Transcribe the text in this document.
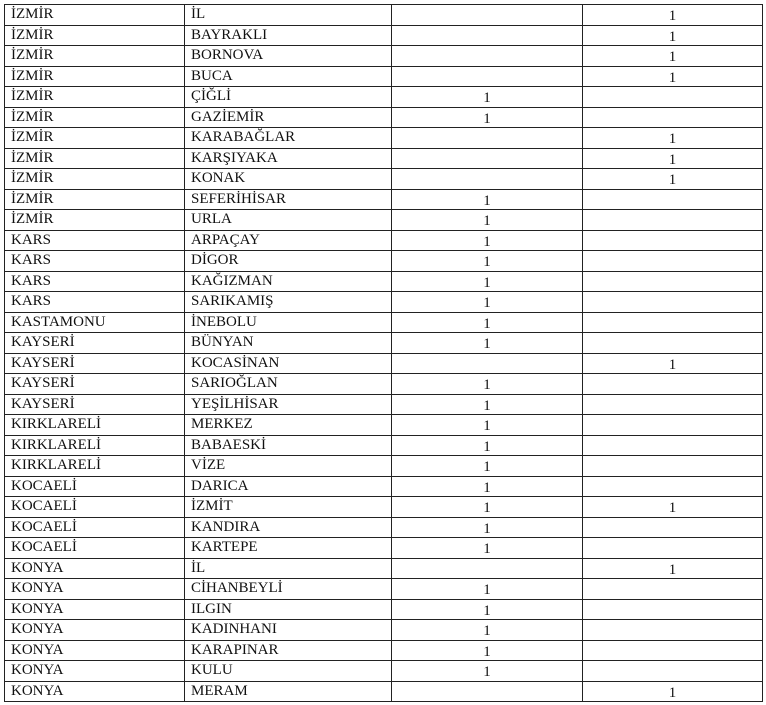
İZMİR	İL		1
İZMİR	BAYRAKLI		1
İZMİR	BORNOVA		1
İZMİR	BUCA		1
İZMİR	ÇİĞLİ	1	
İZMİR	GAZİEMİR	1	
İZMİR	KARABAĞLAR		1
İZMİR	KARŞIYAKA		1
İZMİR	KONAK		1
İZMİR	SEFERİHİSAR	1	
İZMİR	URLA	1	
KARS	ARPAÇAY	1	
KARS	DİGOR	1	
KARS	KAĞIZMAN	1	
KARS	SARIKAMIŞ	1	
KASTAMONU	İNEBOLU	1	
KAYSERİ	BÜNYAN	1	
KAYSERİ	KOCASİNAN		1
KAYSERİ	SARIOĞLAN	1	
KAYSERİ	YEŞİLHİSAR	1	
KIRKLARELİ	MERKEZ	1	
KIRKLARELİ	BABAESKİ	1	
KIRKLARELİ	VİZE	1	
KOCAELİ	DARICA	1	
KOCAELİ	İZMİT	1	1
KOCAELİ	KANDIRA	1	
KOCAELİ	KARTEPE	1	
KONYA	İL		1
KONYA	CİHANBEYLİ	1	
KONYA	ILGIN	1	
KONYA	KADINHANI	1	
KONYA	KARAPINAR	1	
KONYA	KULU	1	
KONYA	MERAM		1
